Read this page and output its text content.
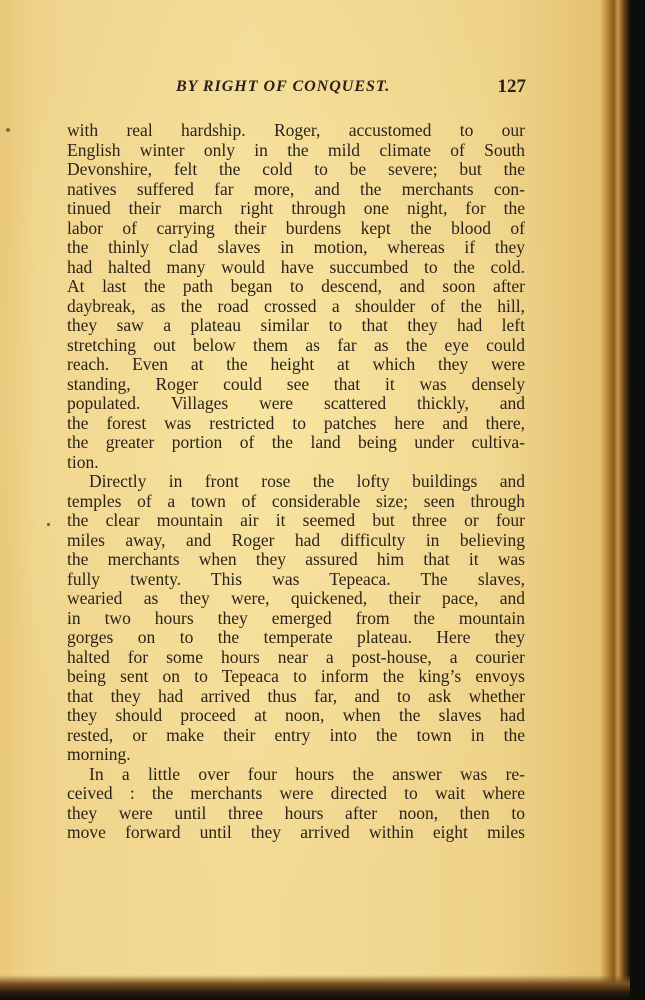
BY RIGHT OF CONQUEST.	127
with real hardship. Roger, accustomed to our
English winter only in the mild climate of South
Devonshire, felt the cold to be severe; but the
natives suffered far more, and the merchants con-
tinued their march right through one night, for the
labor of carrying their burdens kept the blood of
the thinly clad slaves in motion, whereas if they
had halted many would have succumbed to the cold.
At last the path began to descend, and soon after
daybreak, as the road crossed a shoulder of the hill,
they saw a plateau similar to that they had left
stretching out below them as far as the eye could
reach. Even at the height at which they were
standing, Roger could see that it was densely
populated. Villages were scattered thickly, and
the forest was restricted to patches here and there,
the greater portion of the land being under cultiva-
tion.
Directly in front rose the lofty buildings and
temples of a town of considerable size; seen through
the clear mountain air it seemed but three or four
miles away, and Roger had difficulty in believing
the merchants when they assured him that it was
fully twenty. This was Tepeaca. The slaves,
wearied as they were, quickened, their pace, and
in two hours they emerged from the mountain
gorges on to the temperate plateau. Here they
halted for some hours near a post-house, a courier
being sent on to Tepeaca to inform the king’s envoys
that they had arrived thus far, and to ask whether
they should proceed at noon, when the slaves had
rested, or make their entry into the town in the
morning.
In a little over four hours the answer was re-
ceived : the merchants were directed to wait where
they were until three hours after noon, then to
move forward until they arrived within eight miles
